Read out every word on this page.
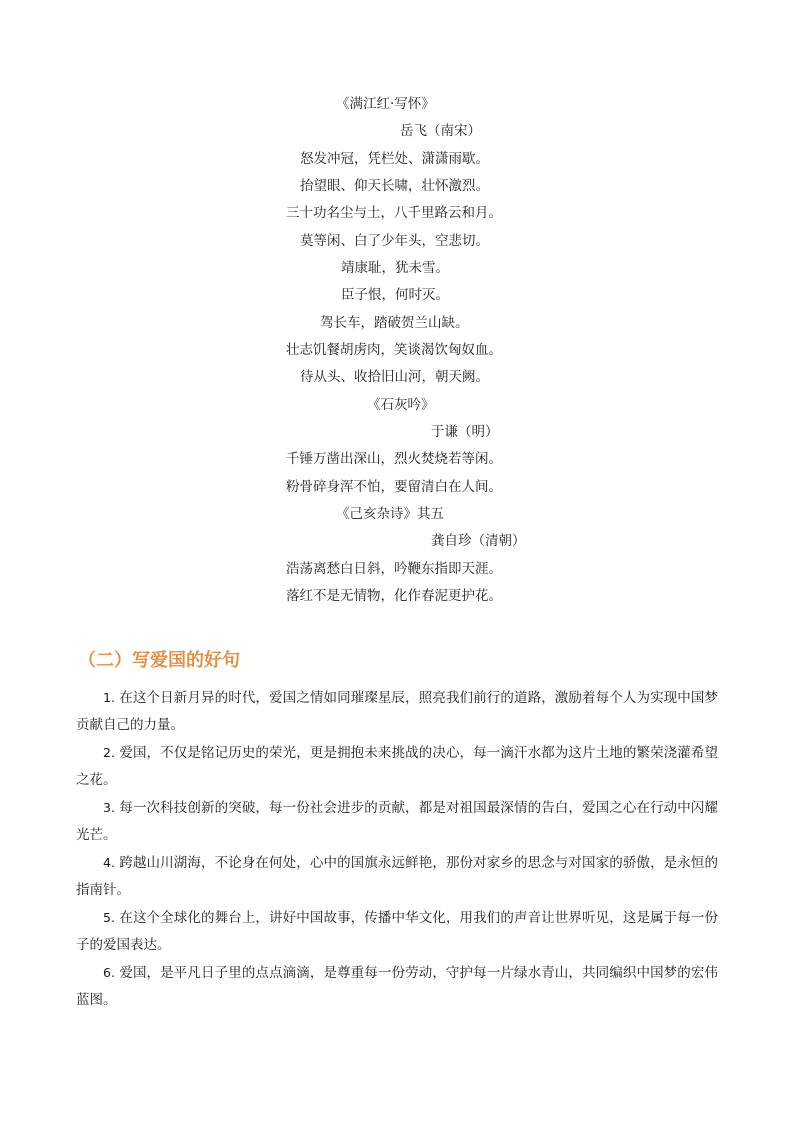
《满江红·写怀》
岳飞（南宋）
怒发冲冠，凭栏处、潇潇雨歇。
抬望眼、仰天长啸，壮怀激烈。
三十功名尘与土，八千里路云和月。
莫等闲、白了少年头，空悲切。
靖康耻，犹未雪。
臣子恨，何时灭。
驾长车，踏破贺兰山缺。
壮志饥餐胡虏肉，笑谈渴饮匈奴血。
待从头、收拾旧山河，朝天阙。
《石灰吟》
于谦（明）
千锤万凿出深山，烈火焚烧若等闲。
粉骨碎身浑不怕，要留清白在人间。
《己亥杂诗》其五
龚自珍（清朝）
浩荡离愁白日斜，吟鞭东指即天涯。
落红不是无情物，化作春泥更护花。
（二）写爱国的好句

1. 在这个日新月异的时代，爱国之情如同璀璨星辰，照亮我们前行的道路，激励着每个人为实现中国梦贡献自己的力量。

2. 爱国，不仅是铭记历史的荣光，更是拥抱未来挑战的决心，每一滴汗水都为这片土地的繁荣浇灌希望之花。

3. 每一次科技创新的突破，每一份社会进步的贡献，都是对祖国最深情的告白，爱国之心在行动中闪耀光芒。

4. 跨越山川湖海，不论身在何处，心中的国旗永远鲜艳，那份对家乡的思念与对国家的骄傲，是永恒的指南针。

5. 在这个全球化的舞台上，讲好中国故事，传播中华文化，用我们的声音让世界听见，这是属于每一份子的爱国表达。

6. 爱国，是平凡日子里的点点滴滴，是尊重每一份劳动，守护每一片绿水青山，共同编织中国梦的宏伟蓝图。
